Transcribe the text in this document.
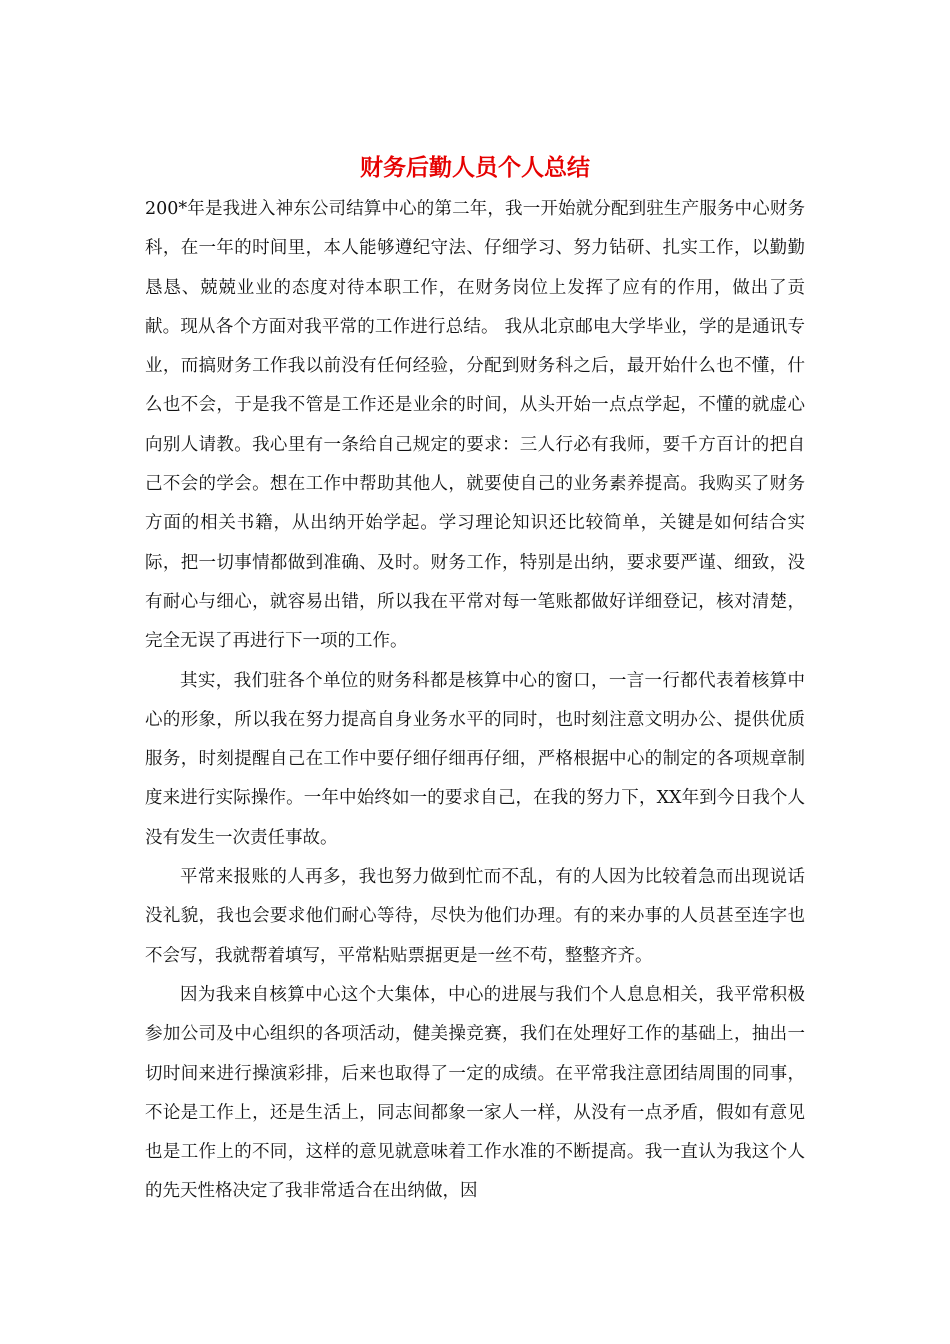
财务后勤人员个人总结

200*年是我进入神东公司结算中心的第二年，我一开始就分配到驻生产服务中心财务科，在一年的时间里，本人能够遵纪守法、仔细学习、努力钻研、扎实工作，以勤勤恳恳、兢兢业业的态度对待本职工作，在财务岗位上发挥了应有的作用，做出了贡献。现从各个方面对我平常的工作进行总结。 我从北京邮电大学毕业，学的是通讯专业，而搞财务工作我以前没有任何经验，分配到财务科之后，最开始什么也不懂，什么也不会，于是我不管是工作还是业余的时间，从头开始一点点学起，不懂的就虚心向别人请教。我心里有一条给自己规定的要求：三人行必有我师，要千方百计的把自己不会的学会。想在工作中帮助其他人，就要使自己的业务素养提高。我购买了财务方面的相关书籍，从出纳开始学起。学习理论知识还比较简单，关键是如何结合实际，把一切事情都做到准确、及时。财务工作，特别是出纳，要求要严谨、细致，没有耐心与细心，就容易出错，所以我在平常对每一笔账都做好详细登记，核对清楚，完全无误了再进行下一项的工作。

其实，我们驻各个单位的财务科都是核算中心的窗口，一言一行都代表着核算中心的形象，所以我在努力提高自身业务水平的同时，也时刻注意文明办公、提供优质服务，时刻提醒自己在工作中要仔细仔细再仔细，严格根据中心的制定的各项规章制度来进行实际操作。一年中始终如一的要求自己，在我的努力下，XX年到今日我个人没有发生一次责任事故。

平常来报账的人再多，我也努力做到忙而不乱，有的人因为比较着急而出现说话没礼貌，我也会要求他们耐心等待，尽快为他们办理。有的来办事的人员甚至连字也不会写，我就帮着填写，平常粘贴票据更是一丝不苟，整整齐齐。

因为我来自核算中心这个大集体，中心的进展与我们个人息息相关，我平常积极参加公司及中心组织的各项活动，健美操竞赛，我们在处理好工作的基础上，抽出一切时间来进行操演彩排，后来也取得了一定的成绩。在平常我注意团结周围的同事，不论是工作上，还是生活上，同志间都象一家人一样，从没有一点矛盾，假如有意见也是工作上的不同，这样的意见就意味着工作水准的不断提高。我一直认为我这个人的先天性格决定了我非常适合在出纳做，因
